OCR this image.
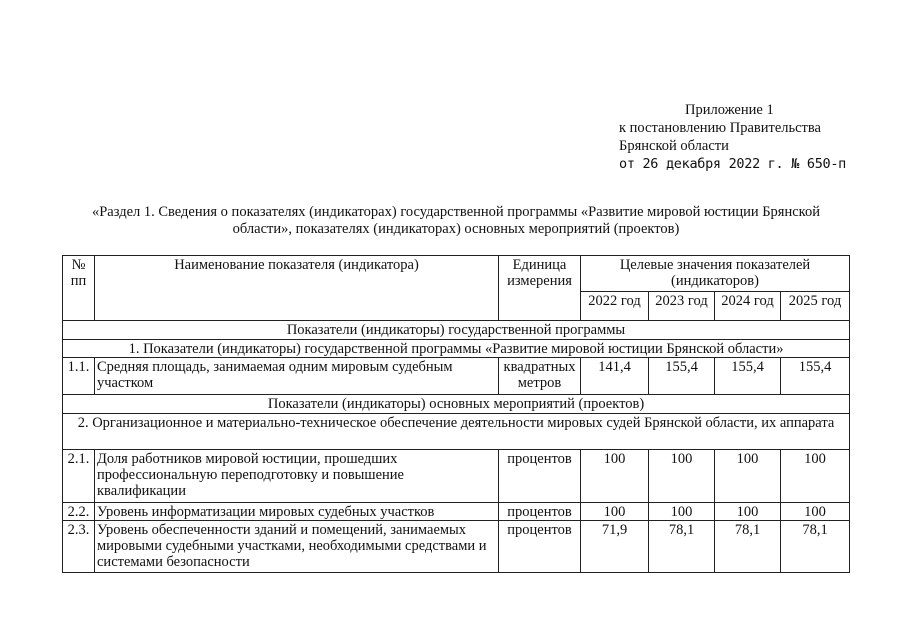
Приложение 1
к постановлению Правительства
Брянской области
от 26 декабря 2022 г. № 650-п
«Раздел 1. Сведения о показателях (индикаторах) государственной программы «Развитие мировой юстиции Брянской
области», показателях (индикаторах) основных мероприятий (проектов)
№ пп	Наименование показателя (индикатора)	Единица измерения	Целевые значения показателей (индикаторов)			
			2022 год	2023 год	2024 год	2025 год
Показатели (индикаторы) государственной программы						
1. Показатели (индикаторы) государственной программы «Развитие мировой юстиции Брянской области»						
1.1.	Средняя площадь, занимаемая одним мировым судебным участком	квадратных метров	141,4	155,4	155,4	155,4
Показатели (индикаторы) основных мероприятий (проектов)						
2. Организационное и материально-техническое обеспечение деятельности мировых судей Брянской области, их аппарата						
2.1.	Доля работников мировой юстиции, прошедших профессиональную переподготовку и повышение квалификации	процентов	100	100	100	100
2.2.	Уровень информатизации мировых судебных участков	процентов	100	100	100	100
2.3.	Уровень обеспеченности зданий и помещений, занимаемых мировыми судебными участками, необходимыми средствами и системами безопасности	процентов	71,9	78,1	78,1	78,1
